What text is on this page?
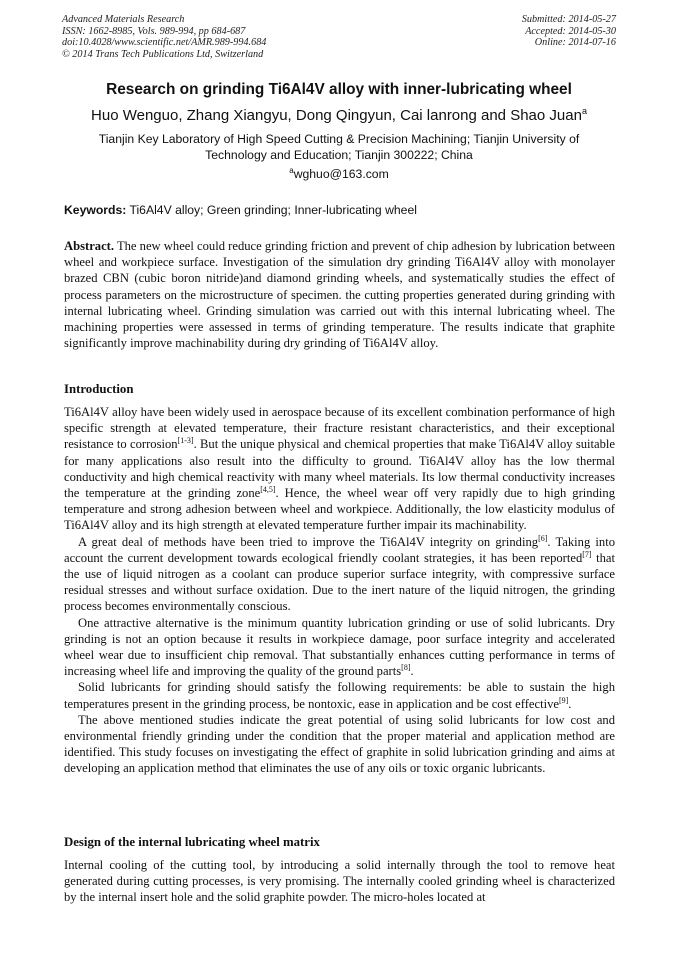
Advanced Materials Research
ISSN: 1662-8985, Vols. 989-994, pp 684-687
doi:10.4028/www.scientific.net/AMR.989-994.684
© 2014 Trans Tech Publications Ltd, Switzerland
Submitted: 2014-05-27
Accepted: 2014-05-30
Online: 2014-07-16
Research on grinding Ti6Al4V alloy with inner-lubricating wheel
Huo Wenguo, Zhang Xiangyu, Dong Qingyun, Cai lanrong and Shao Juan$^a$
Tianjin Key Laboratory of High Speed Cutting & Precision Machining; Tianjin University of Technology and Education; Tianjin 300222; China
$^a$wghuo@163.com
Keywords: Ti6Al4V alloy; Green grinding; Inner-lubricating wheel

Abstract. The new wheel could reduce grinding friction and prevent of chip adhesion by lubrication between wheel and workpiece surface. Investigation of the simulation dry grinding Ti6Al4V alloy with monolayer brazed CBN (cubic boron nitride)and diamond grinding wheels, and systematically studies the effect of process parameters on the microstructure of specimen. the cutting properties generated during grinding with internal lubricating wheel. Grinding simulation was carried out with this internal lubricating wheel. The machining properties were assessed in terms of grinding temperature. The results indicate that graphite significantly improve machinability during dry grinding of Ti6Al4V alloy.

Introduction

Ti6Al4V alloy have been widely used in aerospace because of its excellent combination performance of high specific strength at elevated temperature, their fracture resistant characteristics, and their exceptional resistance to corrosion[1-3]. But the unique physical and chemical properties that make Ti6Al4V alloy suitable for many applications also result into the difficulty to ground. Ti6Al4V alloy has the low thermal conductivity and high chemical reactivity with many wheel materials. Its low thermal conductivity increases the temperature at the grinding zone[4,5]. Hence, the wheel wear off very rapidly due to high grinding temperature and strong adhesion between wheel and workpiece. Additionally, the low elasticity modulus of Ti6Al4V alloy and its high strength at elevated temperature further impair its machinability.

A great deal of methods have been tried to improve the Ti6Al4V integrity on grinding[6]. Taking into account the current development towards ecological friendly coolant strategies, it has been reported[7] that the use of liquid nitrogen as a coolant can produce superior surface integrity, with compressive surface residual stresses and without surface oxidation. Due to the inert nature of the liquid nitrogen, the grinding process becomes environmentally conscious.

One attractive alternative is the minimum quantity lubrication grinding or use of solid lubricants. Dry grinding is not an option because it results in workpiece damage, poor surface integrity and accelerated wheel wear due to insufficient chip removal. That substantially enhances cutting performance in terms of increasing wheel life and improving the quality of the ground parts[8].

Solid lubricants for grinding should satisfy the following requirements: be able to sustain the high temperatures present in the grinding process, be nontoxic, ease in application and be cost effective[9].

The above mentioned studies indicate the great potential of using solid lubricants for low cost and environmental friendly grinding under the condition that the proper material and application method are identified. This study focuses on investigating the effect of graphite in solid lubrication grinding and aims at developing an application method that eliminates the use of any oils or toxic organic lubricants.

Design of the internal lubricating wheel matrix

Internal cooling of the cutting tool, by introducing a solid internally through the tool to remove heat generated during cutting processes, is very promising. The internally cooled grinding wheel is characterized by the internal insert hole and the solid graphite powder. The micro-holes located at
